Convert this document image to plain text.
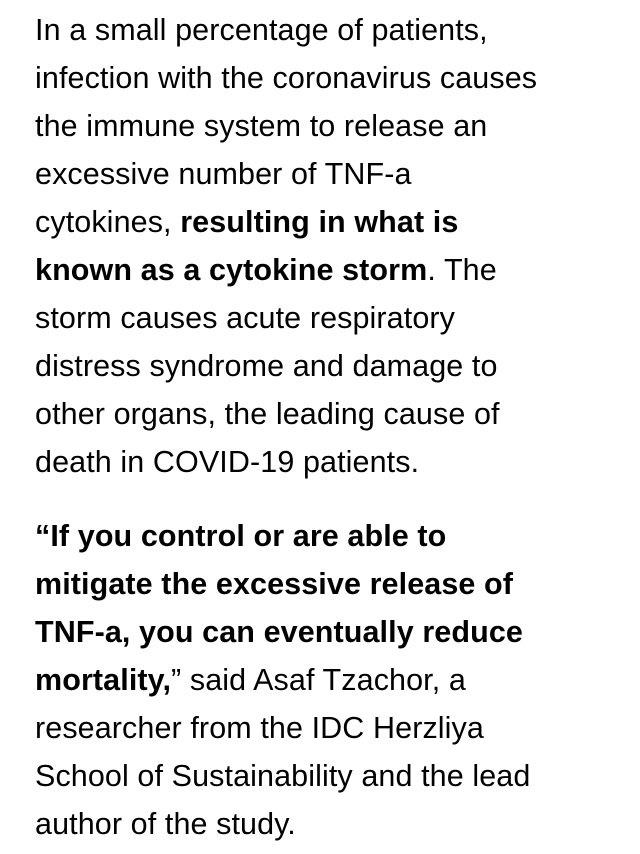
In a small percentage of patients,
infection with the coronavirus causes
the immune system to release an
excessive number of TNF-a
cytokines, resulting in what is
known as a cytokine storm. The
storm causes acute respiratory
distress syndrome and damage to
other organs, the leading cause of
death in COVID-19 patients.

“If you control or are able to
mitigate the excessive release of
TNF-a, you can eventually reduce
mortality,” said Asaf Tzachor, a
researcher from the IDC Herzliya
School of Sustainability and the lead
author of the study.
